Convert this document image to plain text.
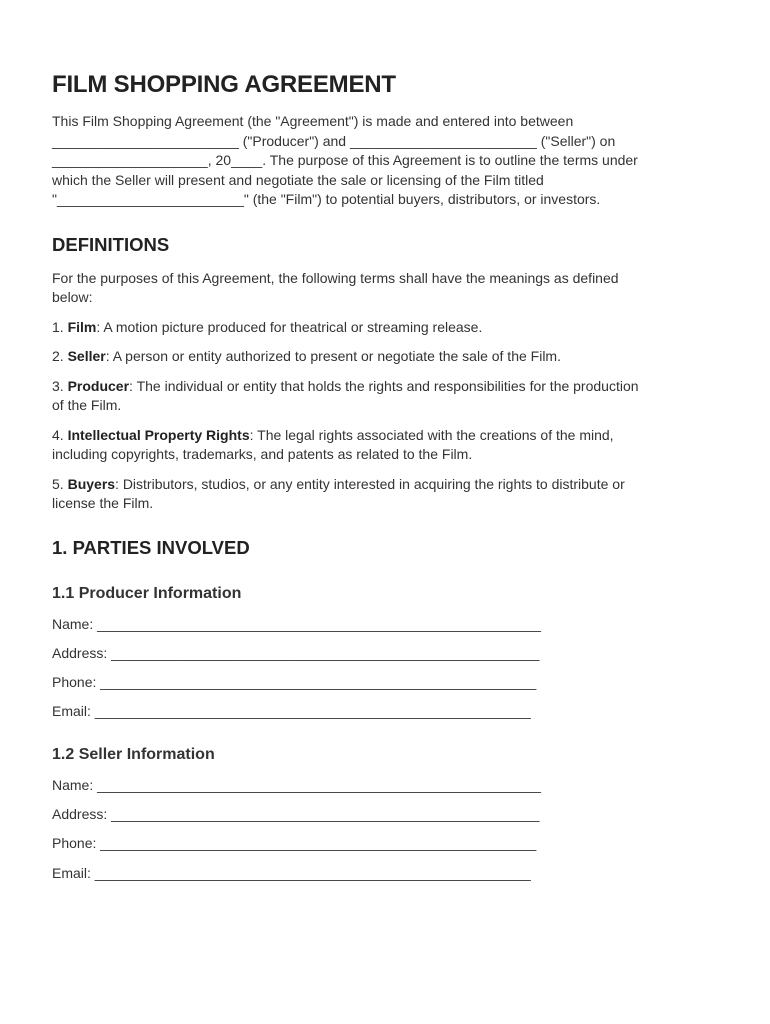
FILM SHOPPING AGREEMENT

This Film Shopping Agreement (the "Agreement") is made and entered into between
________________________ ("Producer") and ________________________ ("Seller") on
____________________, 20____. The purpose of this Agreement is to outline the terms under
which the Seller will present and negotiate the sale or licensing of the Film titled
"________________________" (the "Film") to potential buyers, distributors, or investors.

DEFINITIONS

For the purposes of this Agreement, the following terms shall have the meanings as defined
below:

1. Film: A motion picture produced for theatrical or streaming release.

2. Seller: A person or entity authorized to present or negotiate the sale of the Film.

3. Producer: The individual or entity that holds the rights and responsibilities for the production
of the Film.

4. Intellectual Property Rights: The legal rights associated with the creations of the mind,
including copyrights, trademarks, and patents as related to the Film.

5. Buyers: Distributors, studios, or any entity interested in acquiring the rights to distribute or
license the Film.

1. PARTIES INVOLVED
1.1 Producer Information
Name: _________________________________________________________
Address: _______________________________________________________
Phone: ________________________________________________________
Email: ________________________________________________________
1.2 Seller Information
Name: _________________________________________________________
Address: _______________________________________________________
Phone: ________________________________________________________
Email: ________________________________________________________
